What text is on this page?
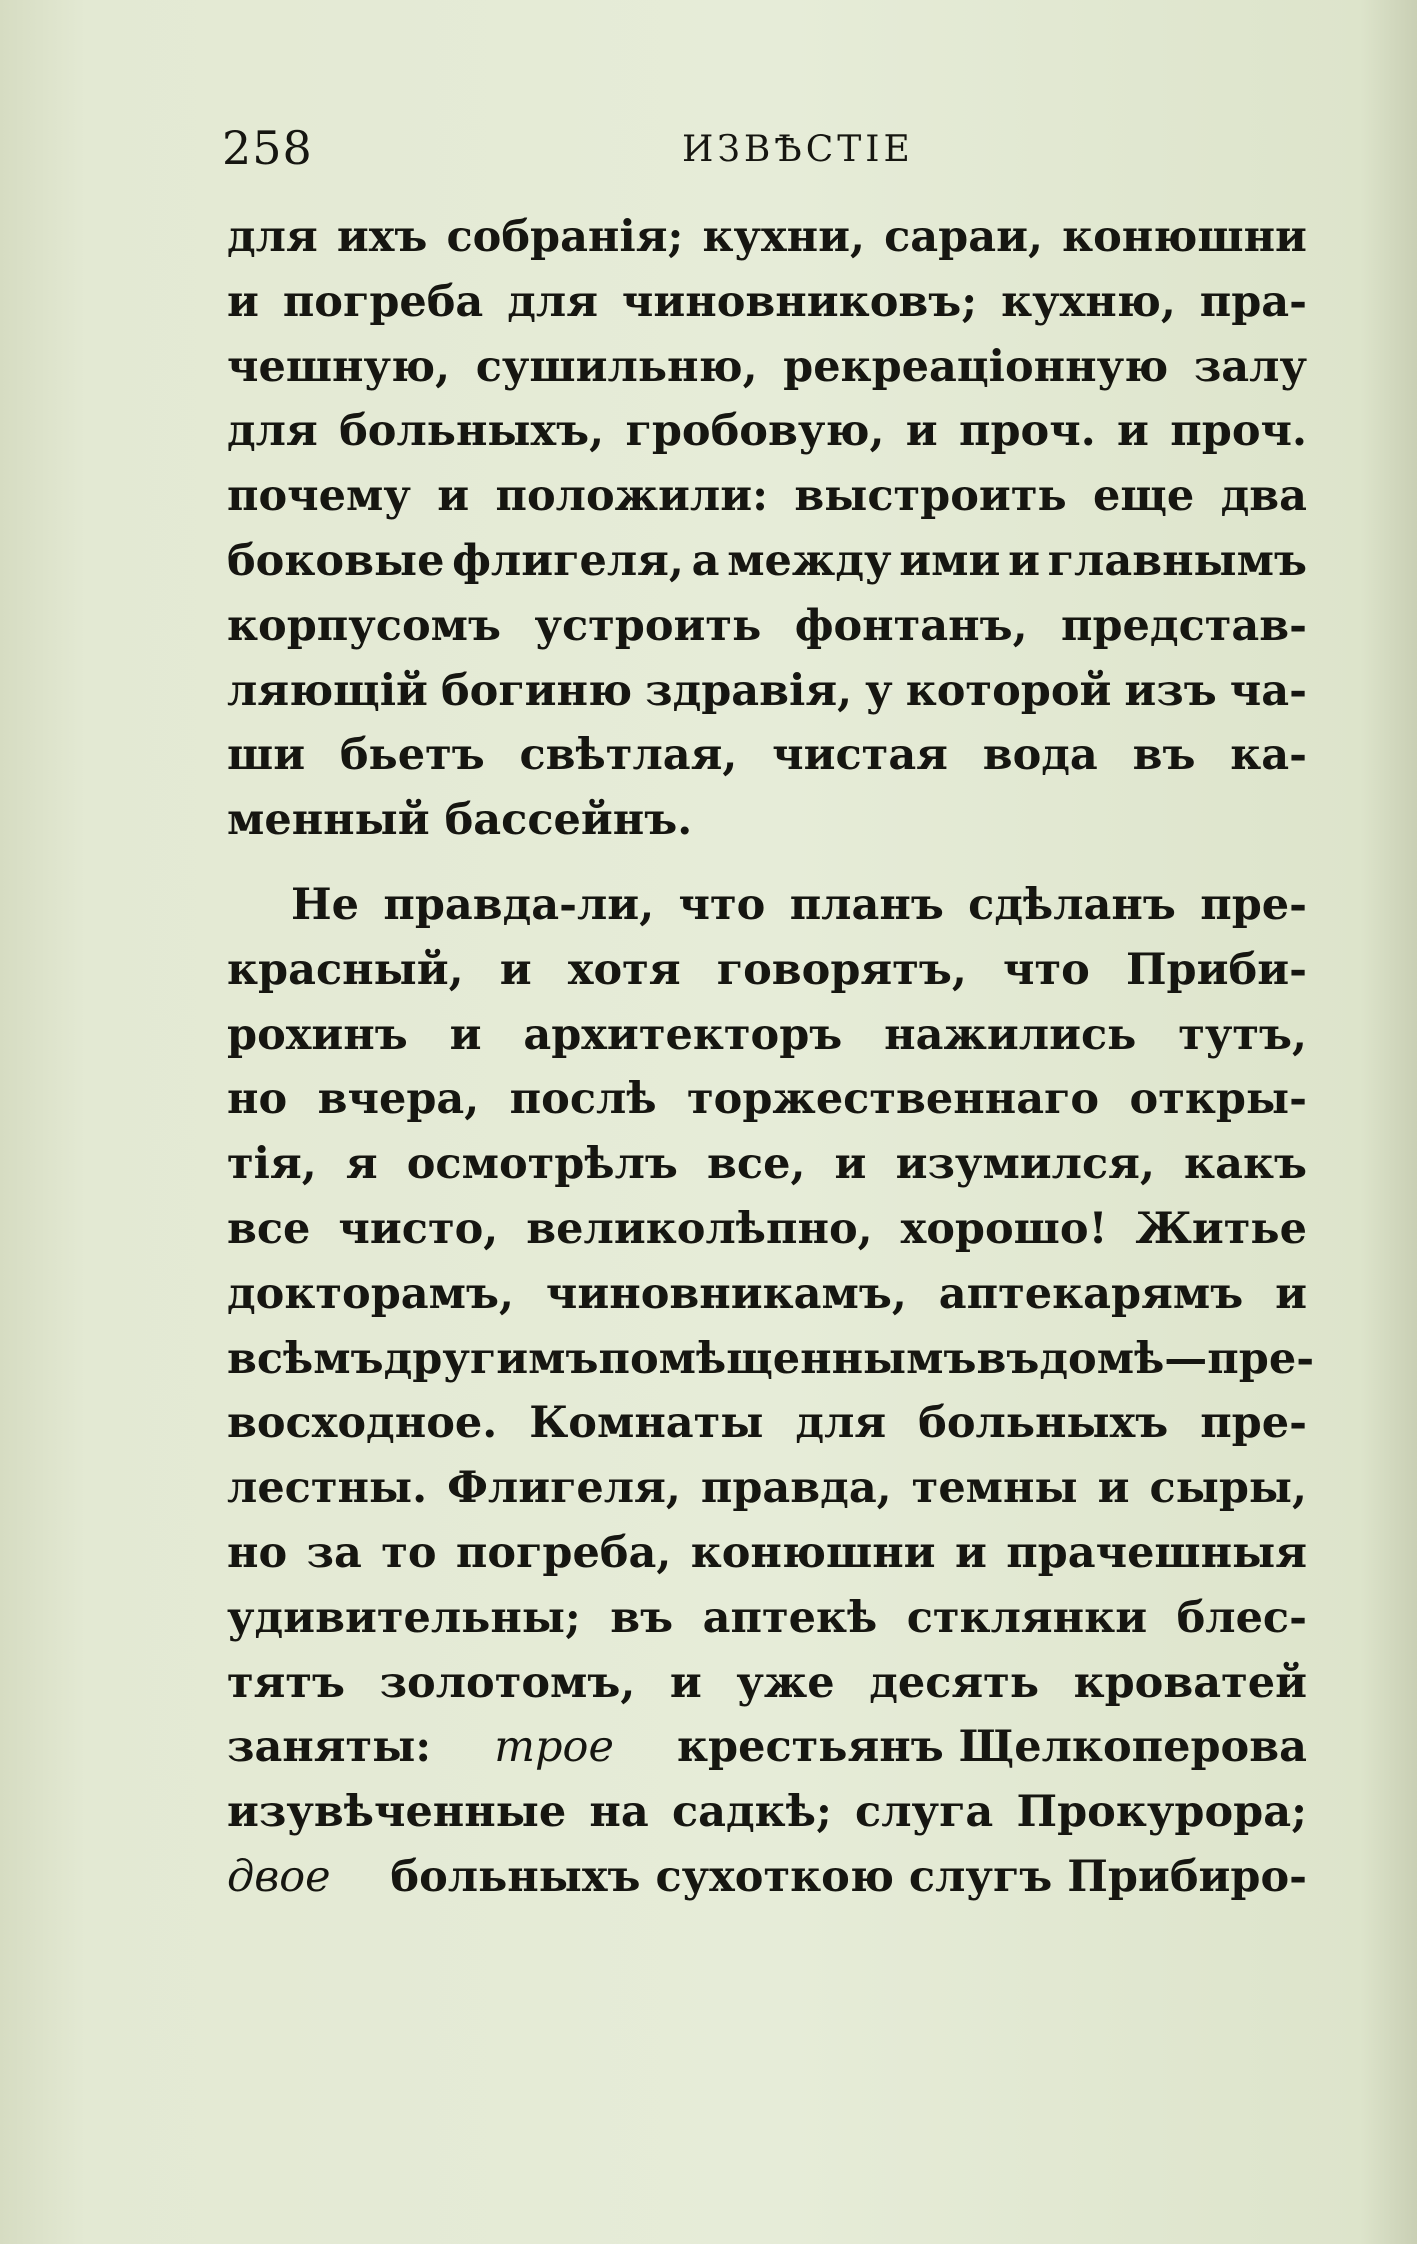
258	ИЗВѢСТІЕ
для ихъ собранія; кухни, сараи, конюшни
и погреба для чиновниковъ; кухню, пра-
чешную, сушильню, рекреаціонную залу
для больныхъ, гробовую, и проч. и проч.
почему и положили: выстроить еще два
боковые флигеля, а между ими и главнымъ
корпусомъ устроить фонтанъ, представ-
ляющій богиню здравія, у которой изъ ча-
ши бьетъ свѣтлая, чистая вода въ ка-
менный бассейнъ.
Не правда-ли, что планъ сдѣланъ пре-
красный, и хотя говорятъ, что Приби-
рохинъ и архитекторъ нажились тутъ,
но вчера, послѣ торжественнаго откры-
тія, я осмотрѣлъ все, и изумился, какъ
все чисто, великолѣпно, хорошо! Житье
докторамъ, чиновникамъ, аптекарямъ и
всѣмъ другимъ помѣщеннымъ въ домѣ—пре-
восходное. Комнаты для больныхъ пре-
лестны. Флигеля, правда, темны и сыры,
но за то погреба, конюшни и прачешныя
удивительны; въ аптекѣ стклянки блес-
тятъ золотомъ, и уже десять кроватей
заняты: трое крестьянъ Щелкоперова
изувѣченные на садкѣ; слуга Прокурора;
двое больныхъ сухоткою слугъ Прибиро-
